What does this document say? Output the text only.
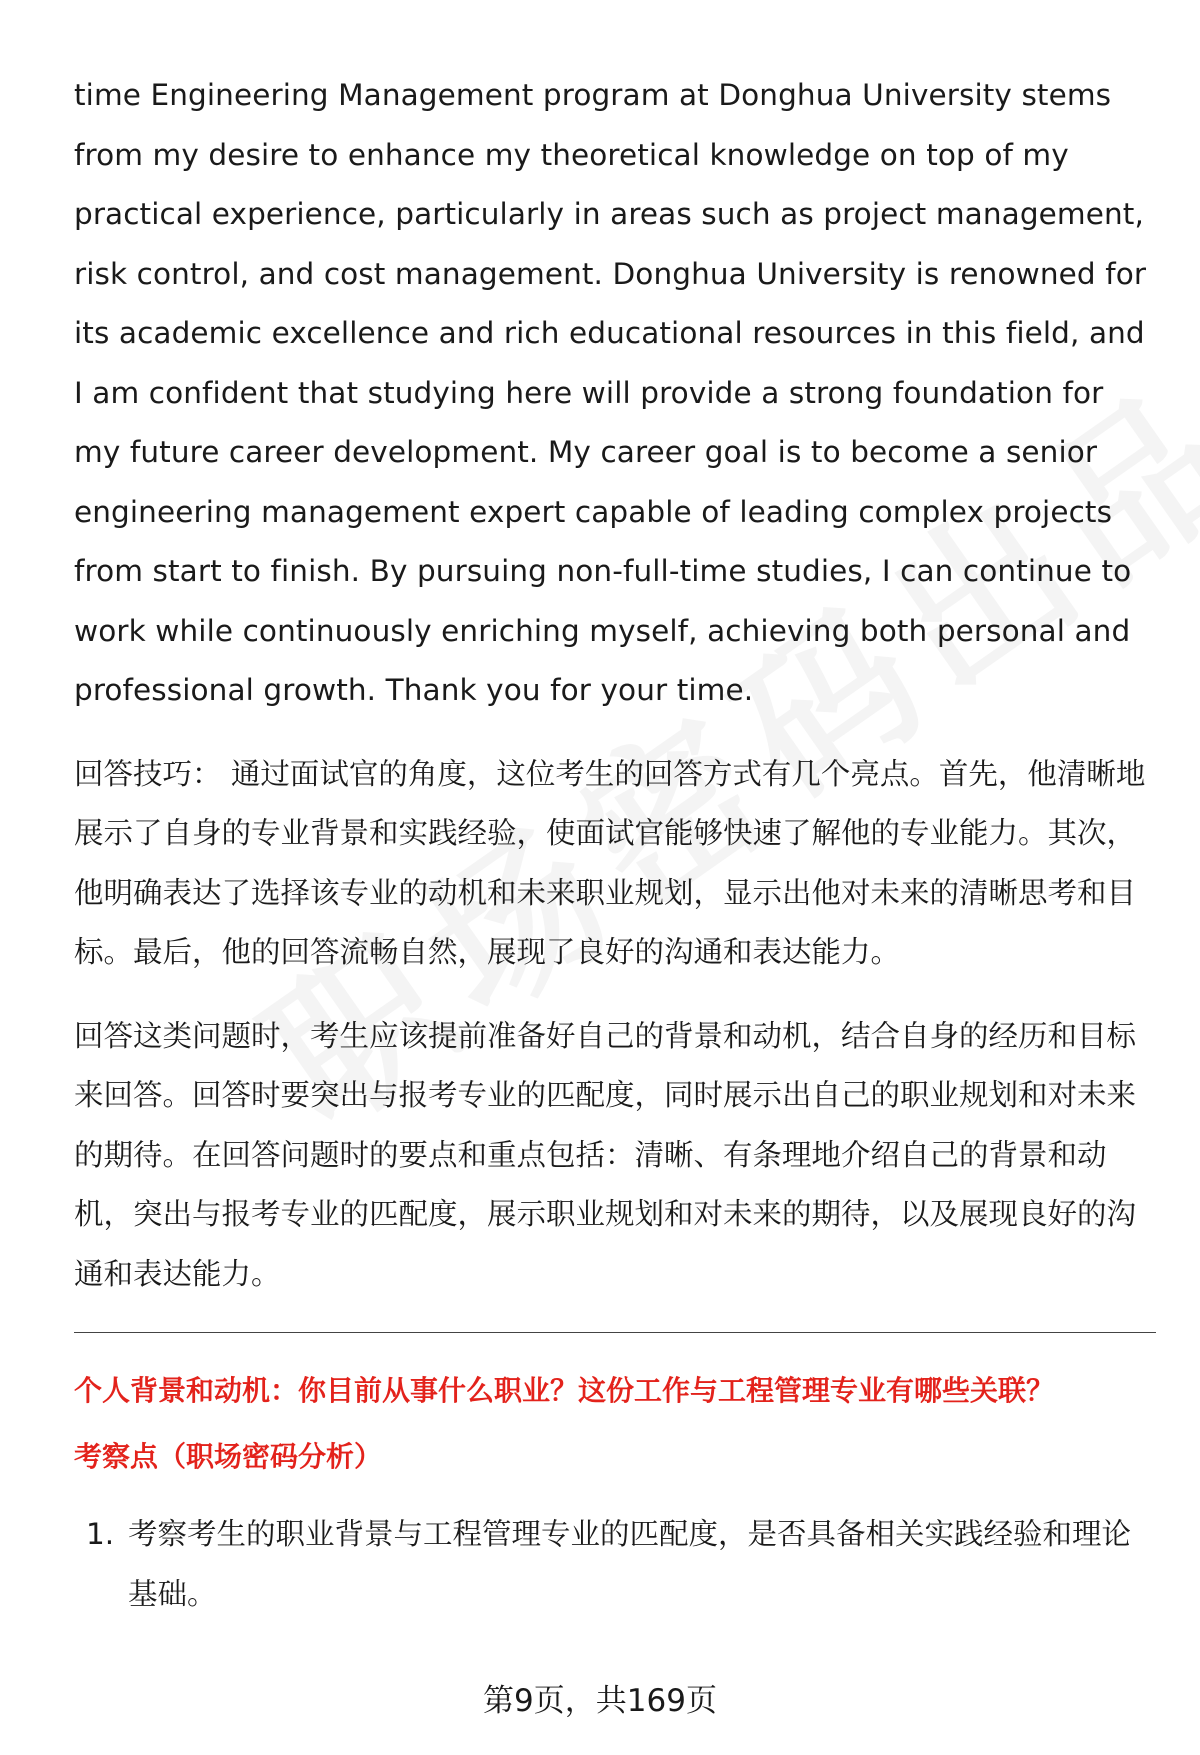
time Engineering Management program at Donghua University stems from my desire to enhance my theoretical knowledge on top of my practical experience, particularly in areas such as project management, risk control, and cost management. Donghua University is renowned for its academic excellence and rich educational resources in this field, and I am confident that studying here will provide a strong foundation for my future career development. My career goal is to become a senior engineering management expert capable of leading complex projects from start to finish. By pursuing non-full-time studies, I can continue to work while continuously enriching myself, achieving both personal and professional growth. Thank you for your time.

回答技巧： 通过面试官的角度，这位考生的回答方式有几个亮点。首先，他清晰地展示了自身的专业背景和实践经验，使面试官能够快速了解他的专业能力。其次，他明确表达了选择该专业的动机和未来职业规划，显示出他对未来的清晰思考和目标。最后，他的回答流畅自然，展现了良好的沟通和表达能力。

回答这类问题时，考生应该提前准备好自己的背景和动机，结合自身的经历和目标来回答。回答时要突出与报考专业的匹配度，同时展示出自己的职业规划和对未来的期待。在回答问题时的要点和重点包括：清晰、有条理地介绍自己的背景和动机，突出与报考专业的匹配度，展示职业规划和对未来的期待，以及展现良好的沟通和表达能力。

个人背景和动机：你目前从事什么职业？这份工作与工程管理专业有哪些关联？

考察点（职场密码分析）

1. 考察考生的职业背景与工程管理专业的匹配度，是否具备相关实践经验和理论基础。
第9页，共169页
